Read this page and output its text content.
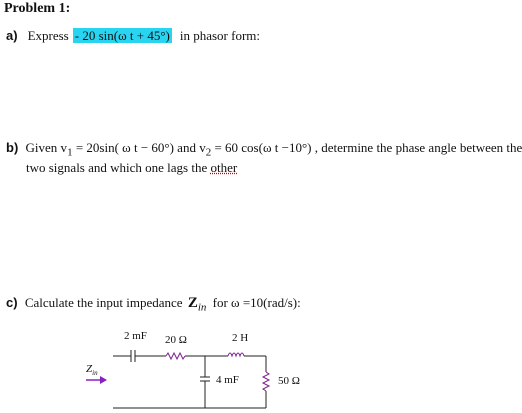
Problem 1:
a) Express - 20 sin(ω t + 45°) in phasor form:
b) Given $v_1 = 20\sin$( ω t − 60°) and $v_2 = 60$ cos(ω t −10°) , determine the phase angle between the
two signals and which one lags the other
c) Calculate the input impedance $Z_{in}$ for ω =10(rad/s):
2 mF 20 Ω	2 H
4 mF	50 Ω
$Z_{in}$
